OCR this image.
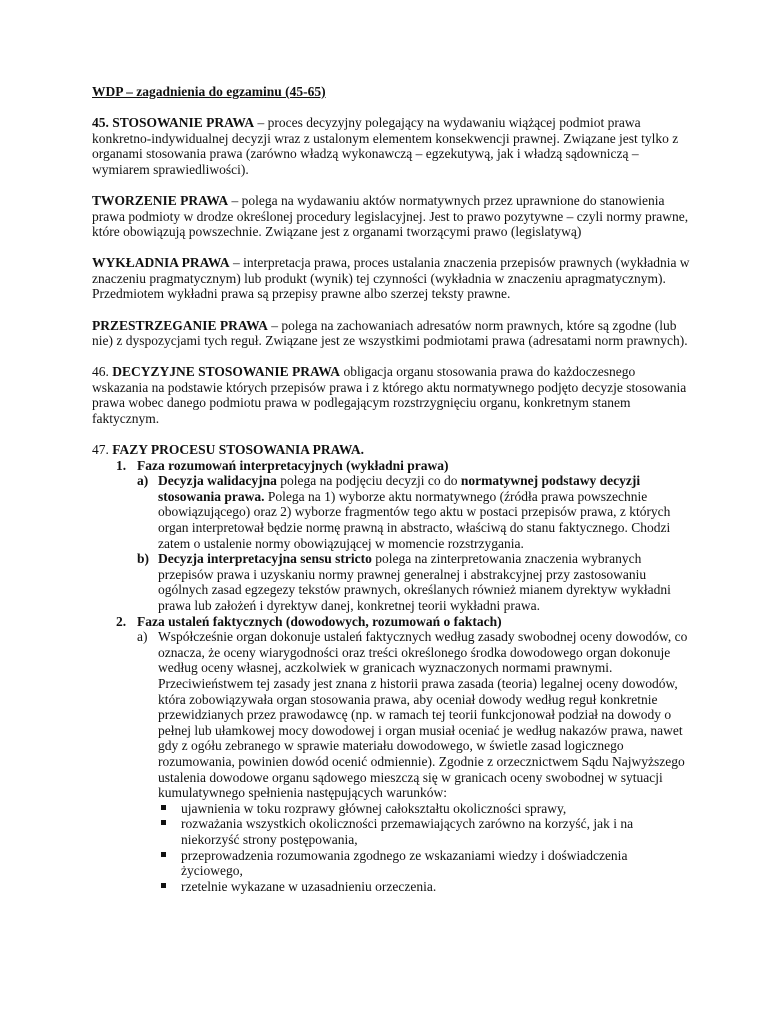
WDP – zagadnienia do egzaminu (45-65)

45. STOSOWANIE PRAWA – proces decyzyjny polegający na wydawaniu wiążącej podmiot prawa konkretno-indywidualnej decyzji wraz z ustalonym elementem konsekwencji prawnej. Związane jest tylko z organami stosowania prawa (zarówno władzą wykonawczą – egzekutywą, jak i władzą sądowniczą – wymiarem sprawiedliwości).

TWORZENIE PRAWA – polega na wydawaniu aktów normatywnych przez uprawnione do stanowienia prawa podmioty w drodze określonej procedury legislacyjnej. Jest to prawo pozytywne – czyli normy prawne, które obowiązują powszechnie. Związane jest z organami tworzącymi prawo (legislatywą)

WYKŁADNIA PRAWA – interpretacja prawa, proces ustalania znaczenia przepisów prawnych (wykładnia w znaczeniu pragmatycznym) lub produkt (wynik) tej czynności (wykładnia w znaczeniu apragmatycznym). Przedmiotem wykładni prawa są przepisy prawne albo szerzej teksty prawne.

PRZESTRZEGANIE PRAWA – polega na zachowaniach adresatów norm prawnych, które są zgodne (lub nie) z dyspozycjami tych reguł. Związane jest ze wszystkimi podmiotami prawa (adresatami norm prawnych).

46. DECYZYJNE STOSOWANIE PRAWA obligacja organu stosowania prawa do każdoczesnego wskazania na podstawie których przepisów prawa i z którego aktu normatywnego podjęto decyzje stosowania prawa wobec danego podmiotu prawa w podlegającym rozstrzygnięciu organu, konkretnym stanem faktycznym.

47. FAZY PROCESU STOSOWANIA PRAWA.

1. Faza rozumowań interpretacyjnych (wykładni prawa)
a) Decyzja walidacyjna polega na podjęciu decyzji co do normatywnej podstawy decyzji stosowania prawa. Polega na 1) wyborze aktu normatywnego (źródła prawa powszechnie obowiązującego) oraz 2) wyborze fragmentów tego aktu w postaci przepisów prawa, z których organ interpretował będzie normę prawną in abstracto, właściwą do stanu faktycznego. Chodzi zatem o ustalenie normy obowiązującej w momencie rozstrzygania.
b) Decyzja interpretacyjna sensu stricto polega na zinterpretowania znaczenia wybranych przepisów prawa i uzyskaniu normy prawnej generalnej i abstrakcyjnej przy zastosowaniu ogólnych zasad egzegezy tekstów prawnych, określanych również mianem dyrektyw wykładni prawa lub założeń i dyrektyw danej, konkretnej teorii wykładni prawa.
2. Faza ustaleń faktycznych (dowodowych, rozumowań o faktach)
a) Współcześnie organ dokonuje ustaleń faktycznych według zasady swobodnej oceny dowodów, co oznacza, że oceny wiarygodności oraz treści określonego środka dowodowego organ dokonuje według oceny własnej, aczkolwiek w granicach wyznaczonych normami prawnymi. Przeciwieństwem tej zasady jest znana z historii prawa zasada (teoria) legalnej oceny dowodów, która zobowiązywała organ stosowania prawa, aby oceniał dowody według reguł konkretnie przewidzianych przez prawodawcę (np. w ramach tej teorii funkcjonował podział na dowody o pełnej lub ułamkowej mocy dowodowej i organ musiał oceniać je według nakazów prawa, nawet gdy z ogółu zebranego w sprawie materiału dowodowego, w świetle zasad logicznego rozumowania, powinien dowód ocenić odmiennie). Zgodnie z orzecznictwem Sądu Najwyższego ustalenia dowodowe organu sądowego mieszczą się w granicach oceny swobodnej w sytuacji kumulatywnego spełnienia następujących warunków:
ujawnienia w toku rozprawy głównej całokształtu okoliczności sprawy,
rozważania wszystkich okoliczności przemawiających zarówno na korzyść, jak i na niekorzyść strony postępowania,
przeprowadzenia rozumowania zgodnego ze wskazaniami wiedzy i doświadczenia życiowego,
rzetelnie wykazane w uzasadnieniu orzeczenia.
